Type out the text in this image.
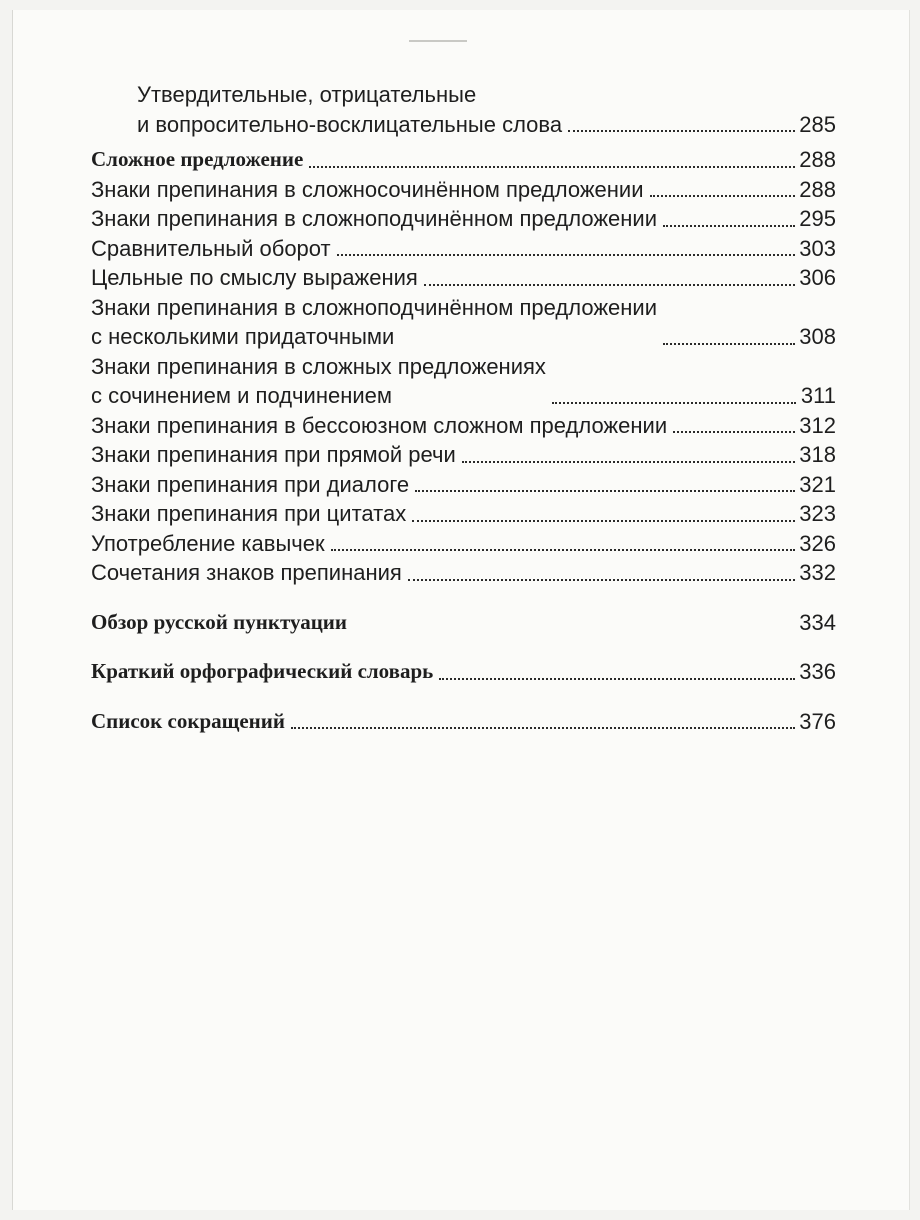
Утвердительные, отрицательные
и вопросительно-восклицательные слова	285
Сложное предложение	288
Знаки препинания в сложносочинённом предложении	288
Знаки препинания в сложноподчинённом предложении	295
Сравнительный оборот	303
Цельные по смыслу выражения	306
Знаки препинания в сложноподчинённом предложении
с несколькими придаточными	308
Знаки препинания в сложных предложениях
с сочинением и подчинением	311
Знаки препинания в бессоюзном сложном предложении	312
Знаки препинания при прямой речи	318
Знаки препинания при диалоге	321
Знаки препинания при цитатах	323
Употребление кавычек	326
Сочетания знаков препинания	332
Обзор русской пунктуации	334
Краткий орфографический словарь	336
Список сокращений	376
